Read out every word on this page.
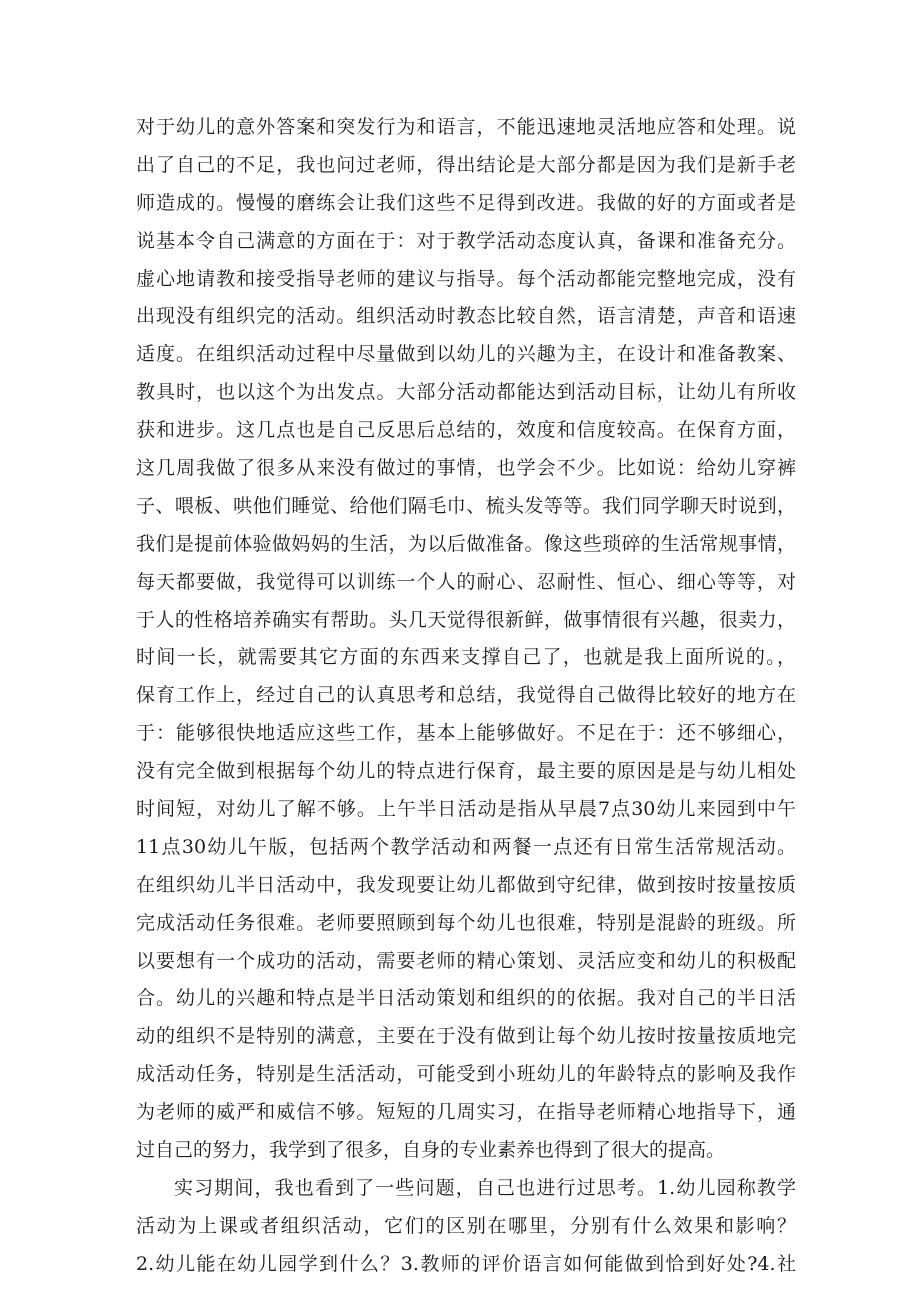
对于幼儿的意外答案和突发行为和语言，不能迅速地灵活地应答和处理。说
出了自己的不足，我也问过老师，得出结论是大部分都是因为我们是新手老
师造成的。慢慢的磨练会让我们这些不足得到改进。我做的好的方面或者是
说基本令自己满意的方面在于：对于教学活动态度认真，备课和准备充分。
虚心地请教和接受指导老师的建议与指导。每个活动都能完整地完成，没有
出现没有组织完的活动。组织活动时教态比较自然，语言清楚，声音和语速
适度。在组织活动过程中尽量做到以幼儿的兴趣为主，在设计和准备教案、
教具时，也以这个为出发点。大部分活动都能达到活动目标，让幼儿有所收
获和进步。这几点也是自己反思后总结的，效度和信度较高。在保育方面，
这几周我做了很多从来没有做过的事情，也学会不少。比如说：给幼儿穿裤
子、喂板、哄他们睡觉、给他们隔毛巾、梳头发等等。我们同学聊天时说到，
我们是提前体验做妈妈的生活，为以后做准备。像这些琐碎的生活常规事情，
每天都要做，我觉得可以训练一个人的耐心、忍耐性、恒心、细心等等，对
于人的性格培养确实有帮助。头几天觉得很新鲜，做事情很有兴趣，很卖力，
时间一长，就需要其它方面的东西来支撑自己了，也就是我上面所说的。，
保育工作上，经过自己的认真思考和总结，我觉得自己做得比较好的地方在
于：能够很快地适应这些工作，基本上能够做好。不足在于：还不够细心，
没有完全做到根据每个幼儿的特点进行保育，最主要的原因是是与幼儿相处
时间短，对幼儿了解不够。上午半日活动是指从早晨7点30幼儿来园到中午
11点30幼儿午版，包括两个教学活动和两餐一点还有日常生活常规活动。
在组织幼儿半日活动中，我发现要让幼儿都做到守纪律，做到按时按量按质
完成活动任务很难。老师要照顾到每个幼儿也很难，特别是混龄的班级。所
以要想有一个成功的活动，需要老师的精心策划、灵活应变和幼儿的积极配
合。幼儿的兴趣和特点是半日活动策划和组织的的依据。我对自己的半日活
动的组织不是特别的满意，主要在于没有做到让每个幼儿按时按量按质地完
成活动任务，特别是生活活动，可能受到小班幼儿的年龄特点的影响及我作
为老师的威严和威信不够。短短的几周实习，在指导老师精心地指导下，通
过自己的努力，我学到了很多，自身的专业素养也得到了很大的提高。
实习期间，我也看到了一些问题，自己也进行过思考。1.幼儿园称教学
活动为上课或者组织活动，它们的区别在哪里，分别有什么效果和影响？
2.幼儿能在幼儿园学到什么？3.教师的评价语言如何能做到恰到好处?4.社
